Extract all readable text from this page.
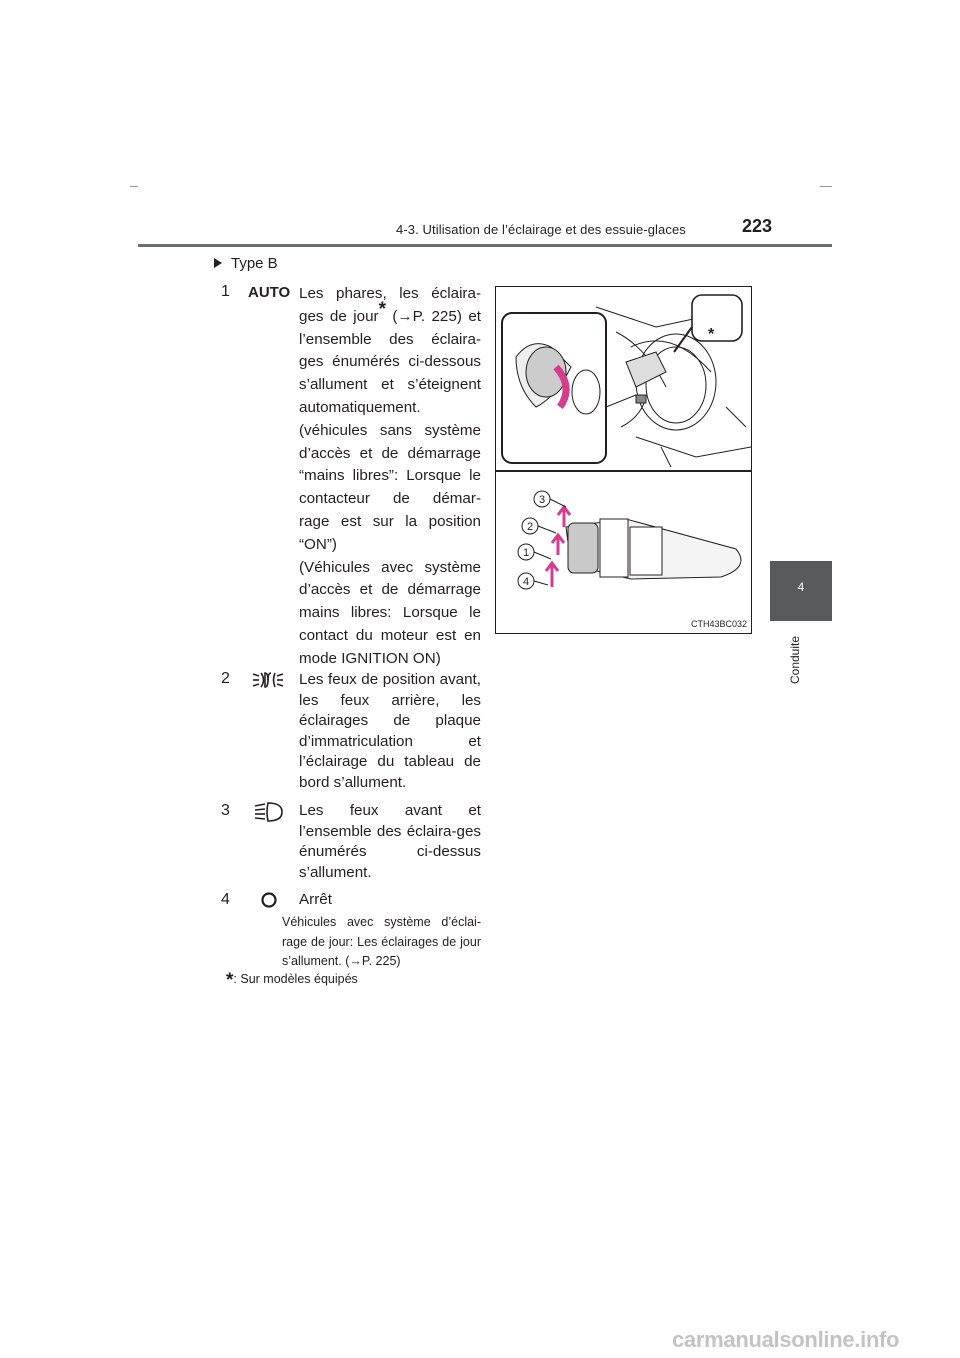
4-3. Utilisation de l’éclairage et des essuie-glaces	223
4
Conduite
Type B
1 AUTO Les phares, les éclaira-
ges de jour* (→P. 225) et
l’ensemble des éclaira-
ges énumérés ci-dessous
s’allument et s’éteignent
automatiquement.
(véhicules sans système
d’accès et de démarrage
“mains libres”: Lorsque le
contacteur de démar-
rage est sur la position
“ON”)
(Véhicules avec système
d’accès et de démarrage
mains libres: Lorsque le
contact du moteur est en
mode IGNITION ON)
2	Les feux de position avant, les feux arrière, les éclairages de plaque d’immatriculation et l’éclairage du tableau de bord s’allument.
3	Les feux avant et l’ensemble des éclaira-ges énumérés ci-dessus s’allument.
4	Arrêt
Véhicules avec système d’éclai-rage de jour: Les éclairages de jour s’allument. (→P. 225)
*: Sur modèles équipés
*
3
2
1
4
CTH43BC032
carmanualsonline.info
